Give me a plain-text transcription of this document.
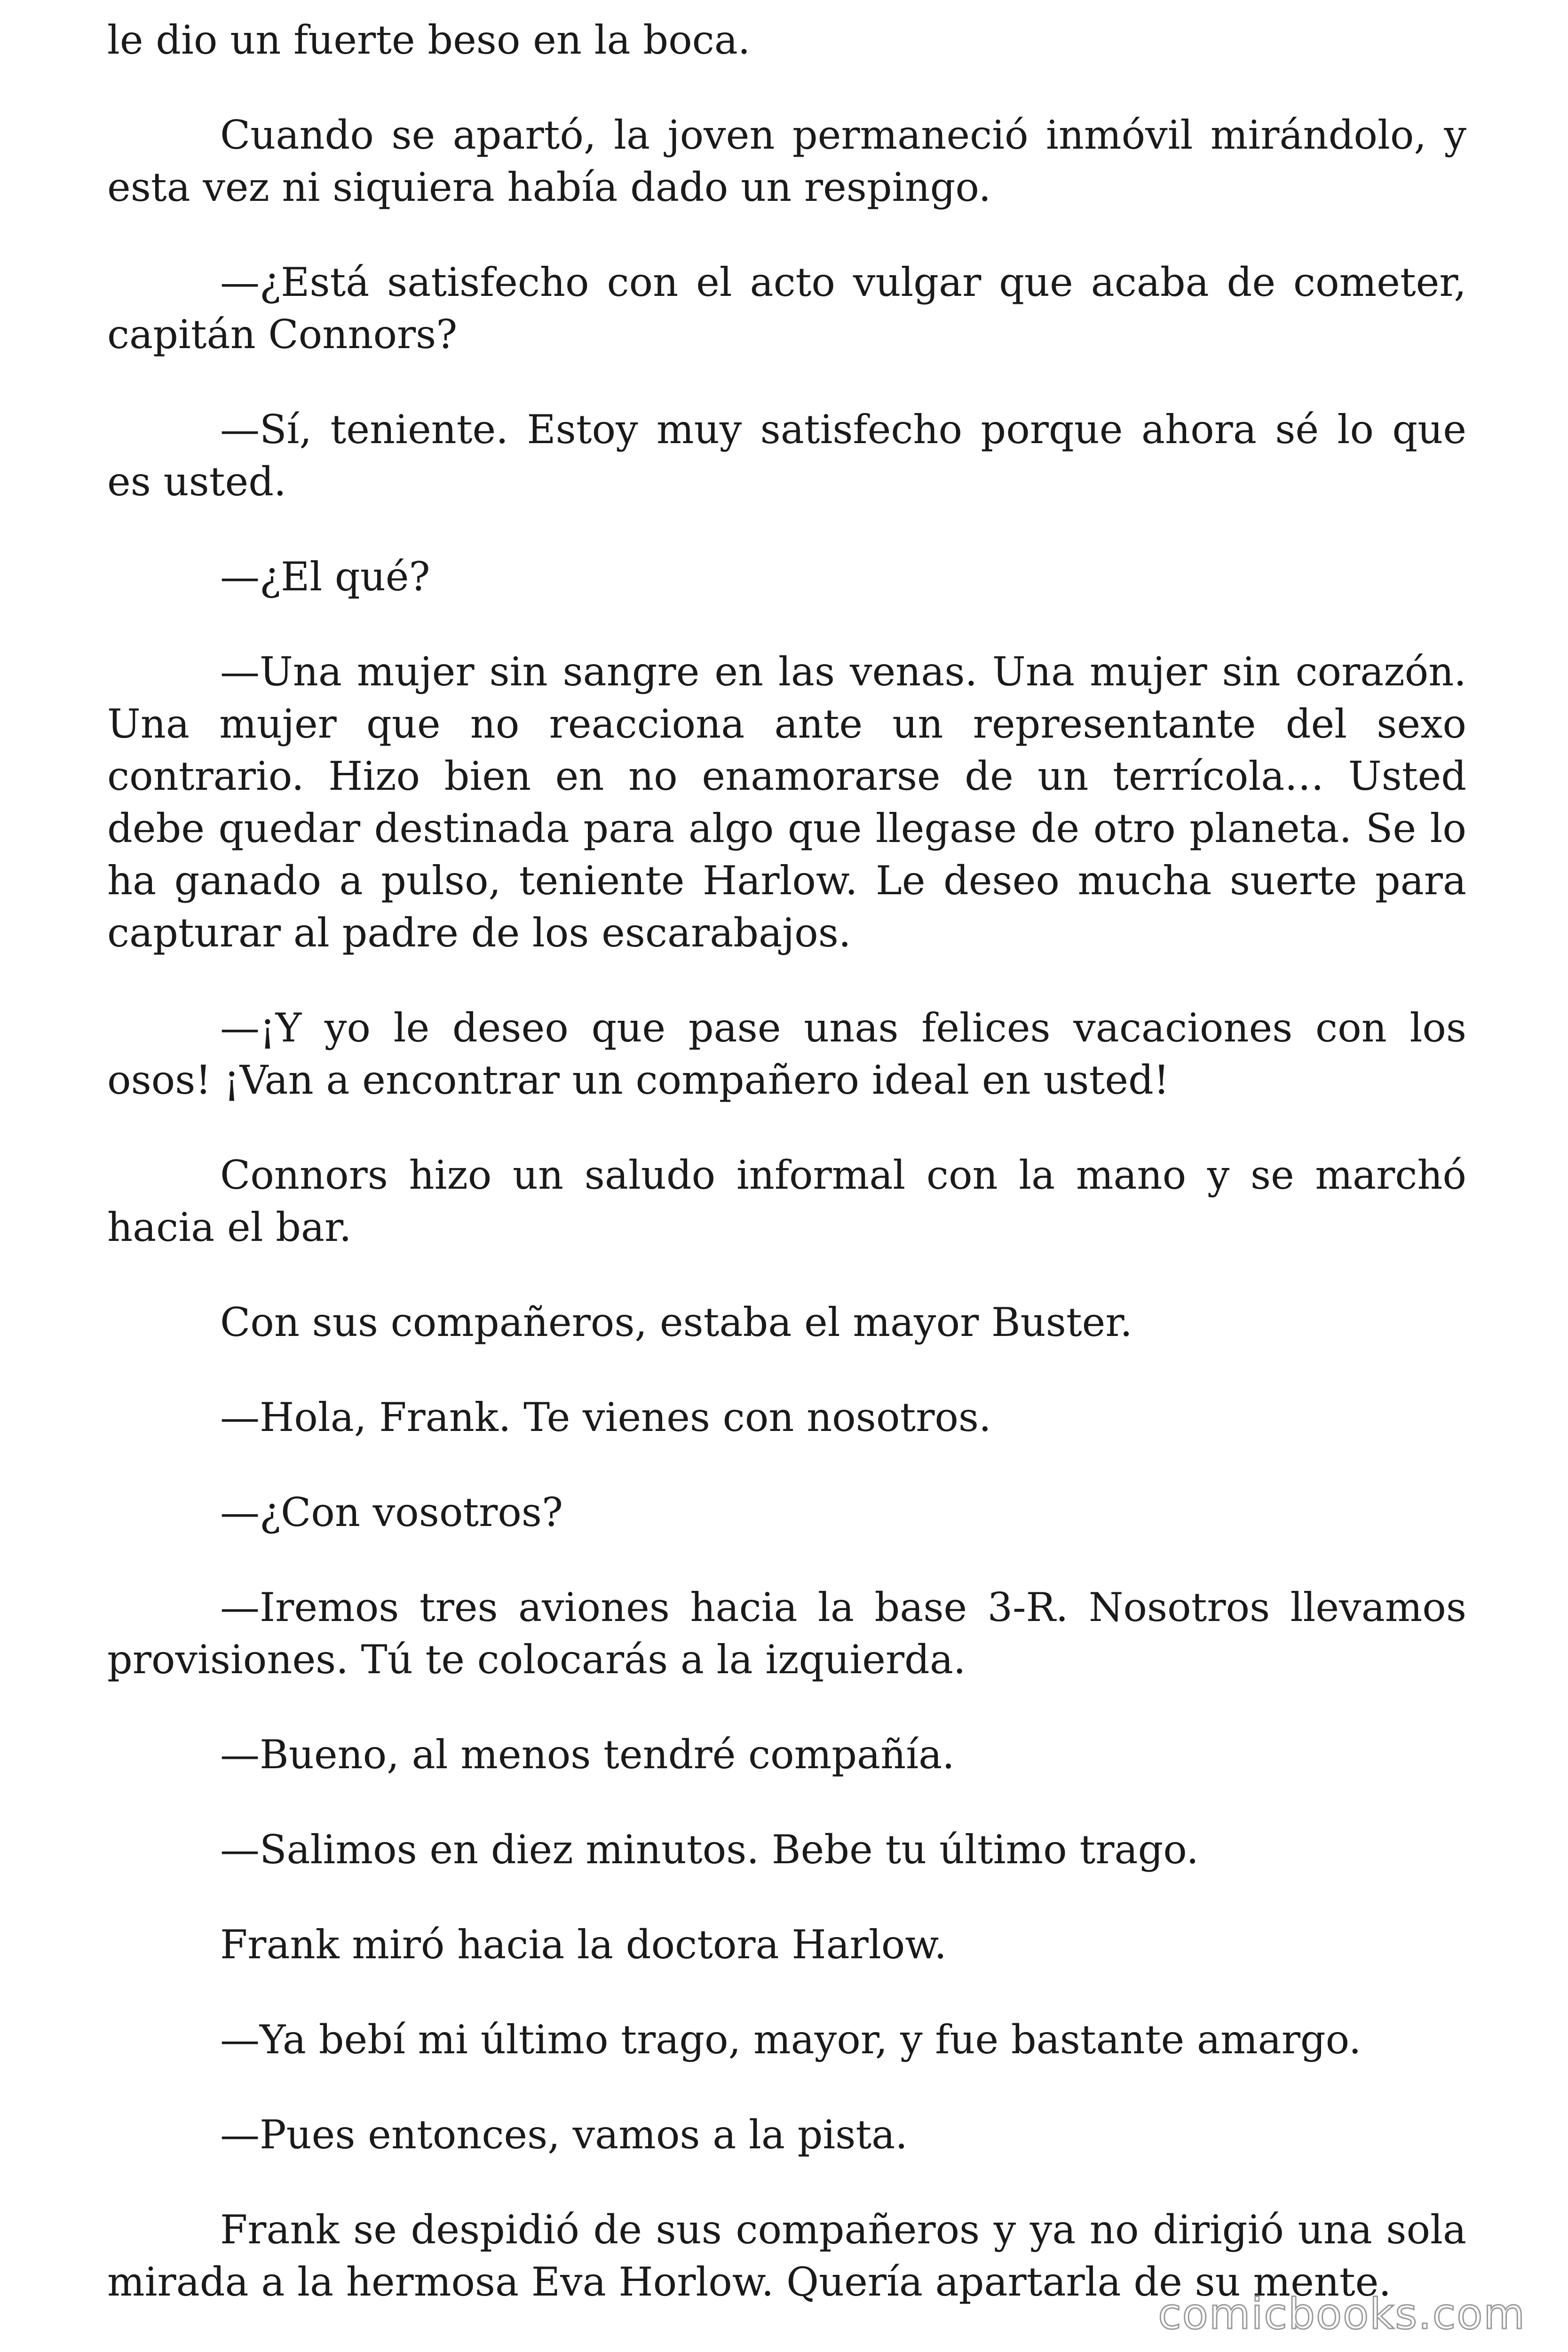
le dio un fuerte beso en la boca.

Cuando se apartó, la joven permaneció inmóvil mirándolo, y esta vez ni siquiera había dado un respingo.

—¿Está satisfecho con el acto vulgar que acaba de cometer, capitán Connors?

—Sí, teniente. Estoy muy satisfecho porque ahora sé lo que es usted.

—¿El qué?

—Una mujer sin sangre en las venas. Una mujer sin corazón. Una mujer que no reacciona ante un representante del sexo contrario. Hizo bien en no enamorarse de un terrícola… Usted debe quedar destinada para algo que llegase de otro planeta. Se lo ha ganado a pulso, teniente Harlow. Le deseo mucha suerte para capturar al padre de los escarabajos.

—¡Y yo le deseo que pase unas felices vacaciones con los osos! ¡Van a encontrar un compañero ideal en usted!

Connors hizo un saludo informal con la mano y se marchó hacia el bar.

Con sus compañeros, estaba el mayor Buster.

—Hola, Frank. Te vienes con nosotros.

—¿Con vosotros?

—Iremos tres aviones hacia la base 3-R. Nosotros llevamos provisiones. Tú te colocarás a la izquierda.

—Bueno, al menos tendré compañía.

—Salimos en diez minutos. Bebe tu último trago.

Frank miró hacia la doctora Harlow.

—Ya bebí mi último trago, mayor, y fue bastante amargo.

—Pues entonces, vamos a la pista.

Frank se despidió de sus compañeros y ya no dirigió una sola mirada a la hermosa Eva Horlow. Quería apartarla de su mente.

comicbooks.com
